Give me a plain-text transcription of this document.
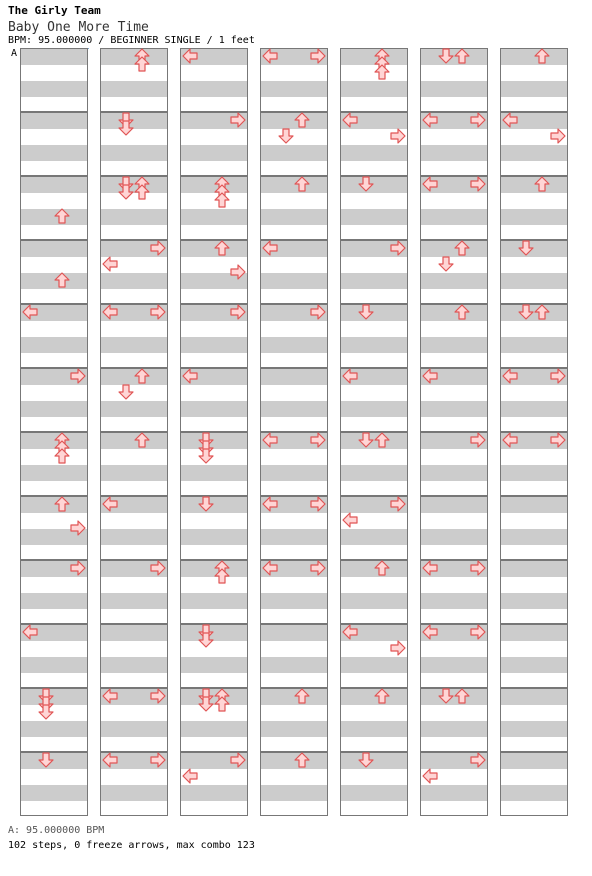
The Girly Team
Baby One More Time
BPM: 95.000000 / BEGINNER SINGLE / 1 feet
A
A: 95.000000 BPM
102 steps, 0 freeze arrows, max combo 123
